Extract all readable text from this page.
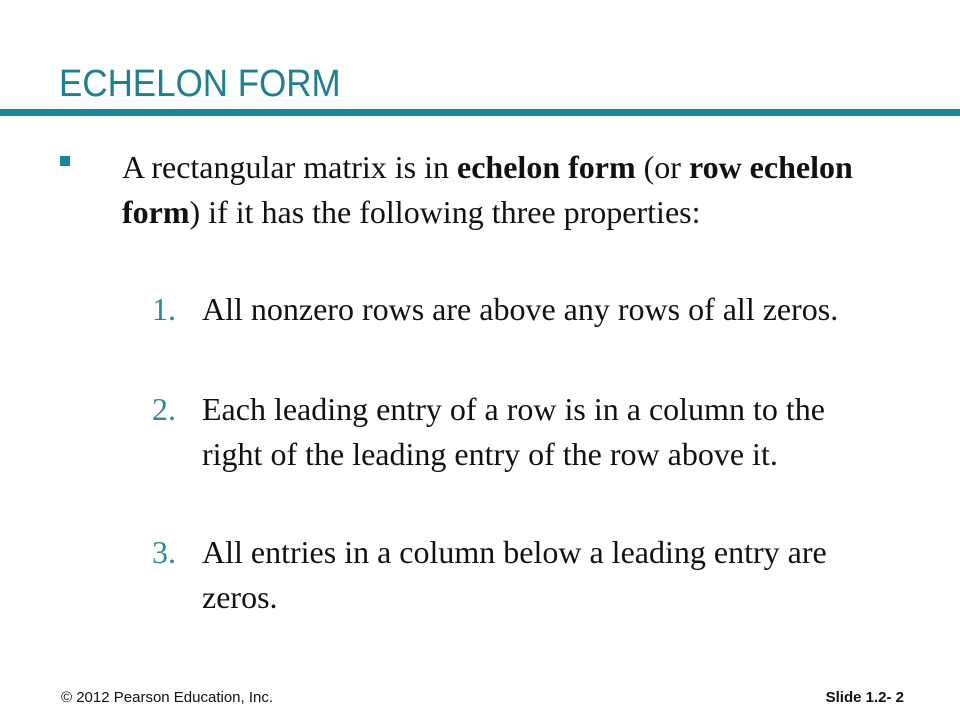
ECHELON FORM
A rectangular matrix is in echelon form (or row echelon form) if it has the following three properties:
1. All nonzero rows are above any rows of all zeros.
2. Each leading entry of a row is in a column to the right of the leading entry of the row above it.
3. All entries in a column below a leading entry are zeros.
© 2012 Pearson Education, Inc.	Slide 1.2- 2
